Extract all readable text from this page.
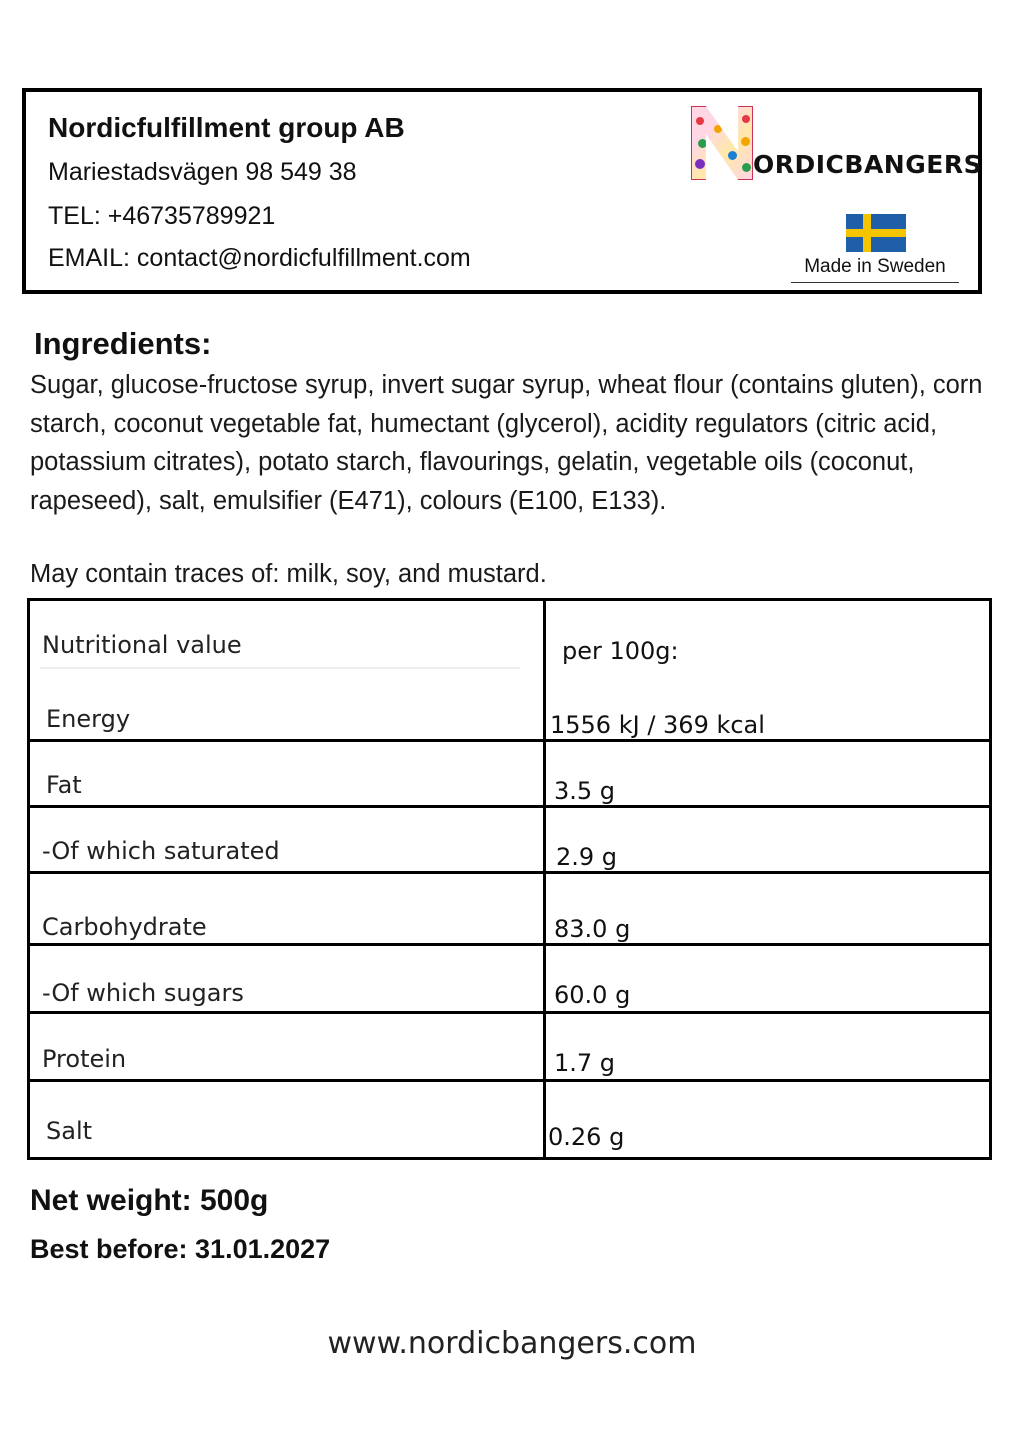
Nordicfulfillment group AB
Mariestadsvägen 98 549 38
TEL: +46735789921
EMAIL: contact@nordicfulfillment.com
ORDICBANGERS
Made in Sweden
Ingredients:
Sugar, glucose-fructose syrup, invert sugar syrup, wheat flour (contains gluten), corn starch, coconut vegetable fat, humectant (glycerol), acidity regulators (citric acid, potassium citrates), potato starch, flavourings, gelatin, vegetable oils (coconut, rapeseed), salt, emulsifier (E471), colours (E100, E133).
May contain traces of: milk, soy, and mustard.
Nutritional value	per 100g:
Energy	1556 kJ / 369 kcal
Fat	3.5 g
-Of which saturated	2.9 g
Carbohydrate	83.0 g
-Of which sugars	60.0 g
Protein	1.7 g
Salt	0.26 g
Net weight: 500g
Best before: 31.01.2027
www.nordicbangers.com
